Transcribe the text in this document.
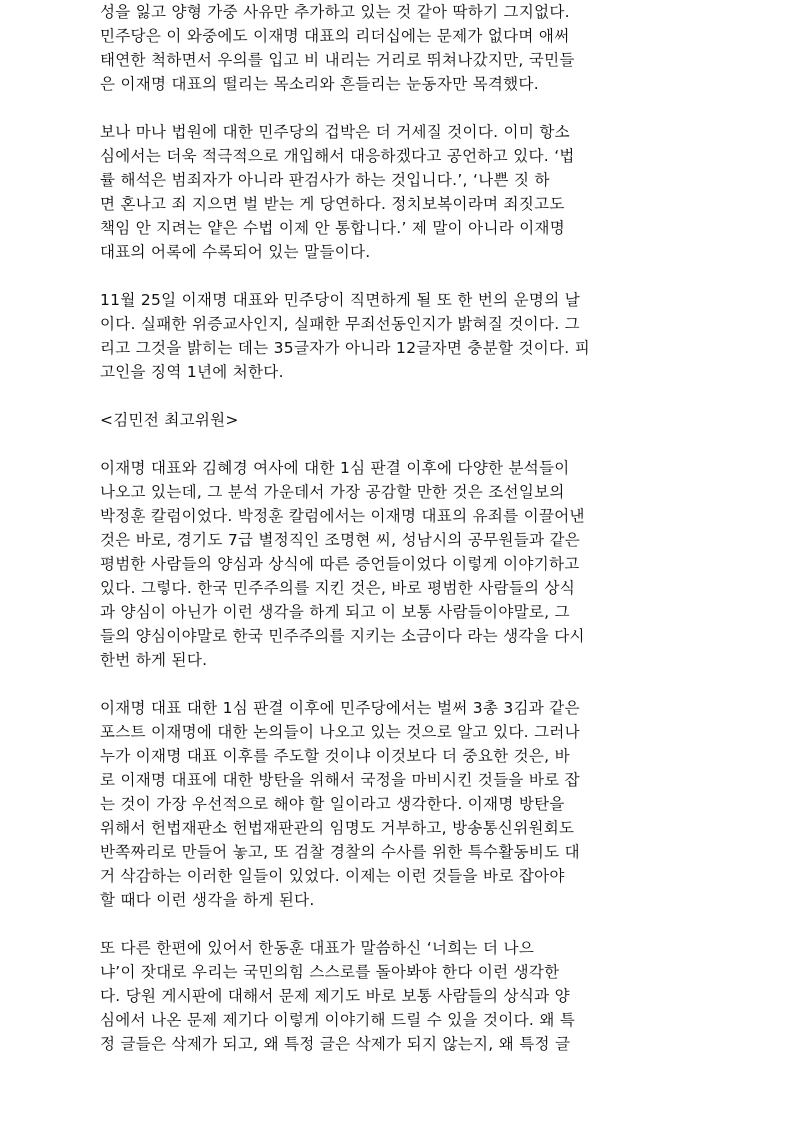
성을 잃고 양형 가중 사유만 추가하고 있는 것 같아 딱하기 그지없다.
민주당은 이 와중에도 이재명 대표의 리더십에는 문제가 없다며 애써
태연한 척하면서 우의를 입고 비 내리는 거리로 뛰쳐나갔지만, 국민들
은 이재명 대표의 떨리는 목소리와 흔들리는 눈동자만 목격했다.

보나 마나 법원에 대한 민주당의 겁박은 더 거세질 것이다. 이미 항소
심에서는 더욱 적극적으로 개입해서 대응하겠다고 공언하고 있다. ‘법
률 해석은 범죄자가 아니라 판검사가 하는 것입니다.’, ‘나쁜 짓 하
면 혼나고 죄 지으면 벌 받는 게 당연하다. 정치보복이라며 죄짓고도
책임 안 지려는 얕은 수법 이제 안 통합니다.’ 제 말이 아니라 이재명
대표의 어록에 수록되어 있는 말들이다.

11월 25일 이재명 대표와 민주당이 직면하게 될 또 한 번의 운명의 날
이다. 실패한 위증교사인지, 실패한 무죄선동인지가 밝혀질 것이다. 그
리고 그것을 밝히는 데는 35글자가 아니라 12글자면 충분할 것이다. 피
고인을 징역 1년에 처한다.

<김민전 최고위원>

이재명 대표와 김혜경 여사에 대한 1심 판결 이후에 다양한 분석들이
나오고 있는데, 그 분석 가운데서 가장 공감할 만한 것은 조선일보의
박정훈 칼럼이었다. 박정훈 칼럼에서는 이재명 대표의 유죄를 이끌어낸
것은 바로, 경기도 7급 별정직인 조명현 씨, 성남시의 공무원들과 같은
평범한 사람들의 양심과 상식에 따른 증언들이었다 이렇게 이야기하고
있다. 그렇다. 한국 민주주의를 지킨 것은, 바로 평범한 사람들의 상식
과 양심이 아닌가 이런 생각을 하게 되고 이 보통 사람들이야말로, 그
들의 양심이야말로 한국 민주주의를 지키는 소금이다 라는 생각을 다시
한번 하게 된다.

이재명 대표 대한 1심 판결 이후에 민주당에서는 벌써 3총 3김과 같은
포스트 이재명에 대한 논의들이 나오고 있는 것으로 알고 있다. 그러나
누가 이재명 대표 이후를 주도할 것이냐 이것보다 더 중요한 것은, 바
로 이재명 대표에 대한 방탄을 위해서 국정을 마비시킨 것들을 바로 잡
는 것이 가장 우선적으로 해야 할 일이라고 생각한다. 이재명 방탄을
위해서 헌법재판소 헌법재판관의 임명도 거부하고, 방송통신위원회도
반쪽짜리로 만들어 놓고, 또 검찰 경찰의 수사를 위한 특수활동비도 대
거 삭감하는 이러한 일들이 있었다. 이제는 이런 것들을 바로 잡아야
할 때다 이런 생각을 하게 된다.

또 다른 한편에 있어서 한동훈 대표가 말씀하신 ‘너희는 더 나으
냐’이 잣대로 우리는 국민의힘 스스로를 돌아봐야 한다 이런 생각한
다. 당원 게시판에 대해서 문제 제기도 바로 보통 사람들의 상식과 양
심에서 나온 문제 제기다 이렇게 이야기해 드릴 수 있을 것이다. 왜 특
정 글들은 삭제가 되고, 왜 특정 글은 삭제가 되지 않는지, 왜 특정 글
